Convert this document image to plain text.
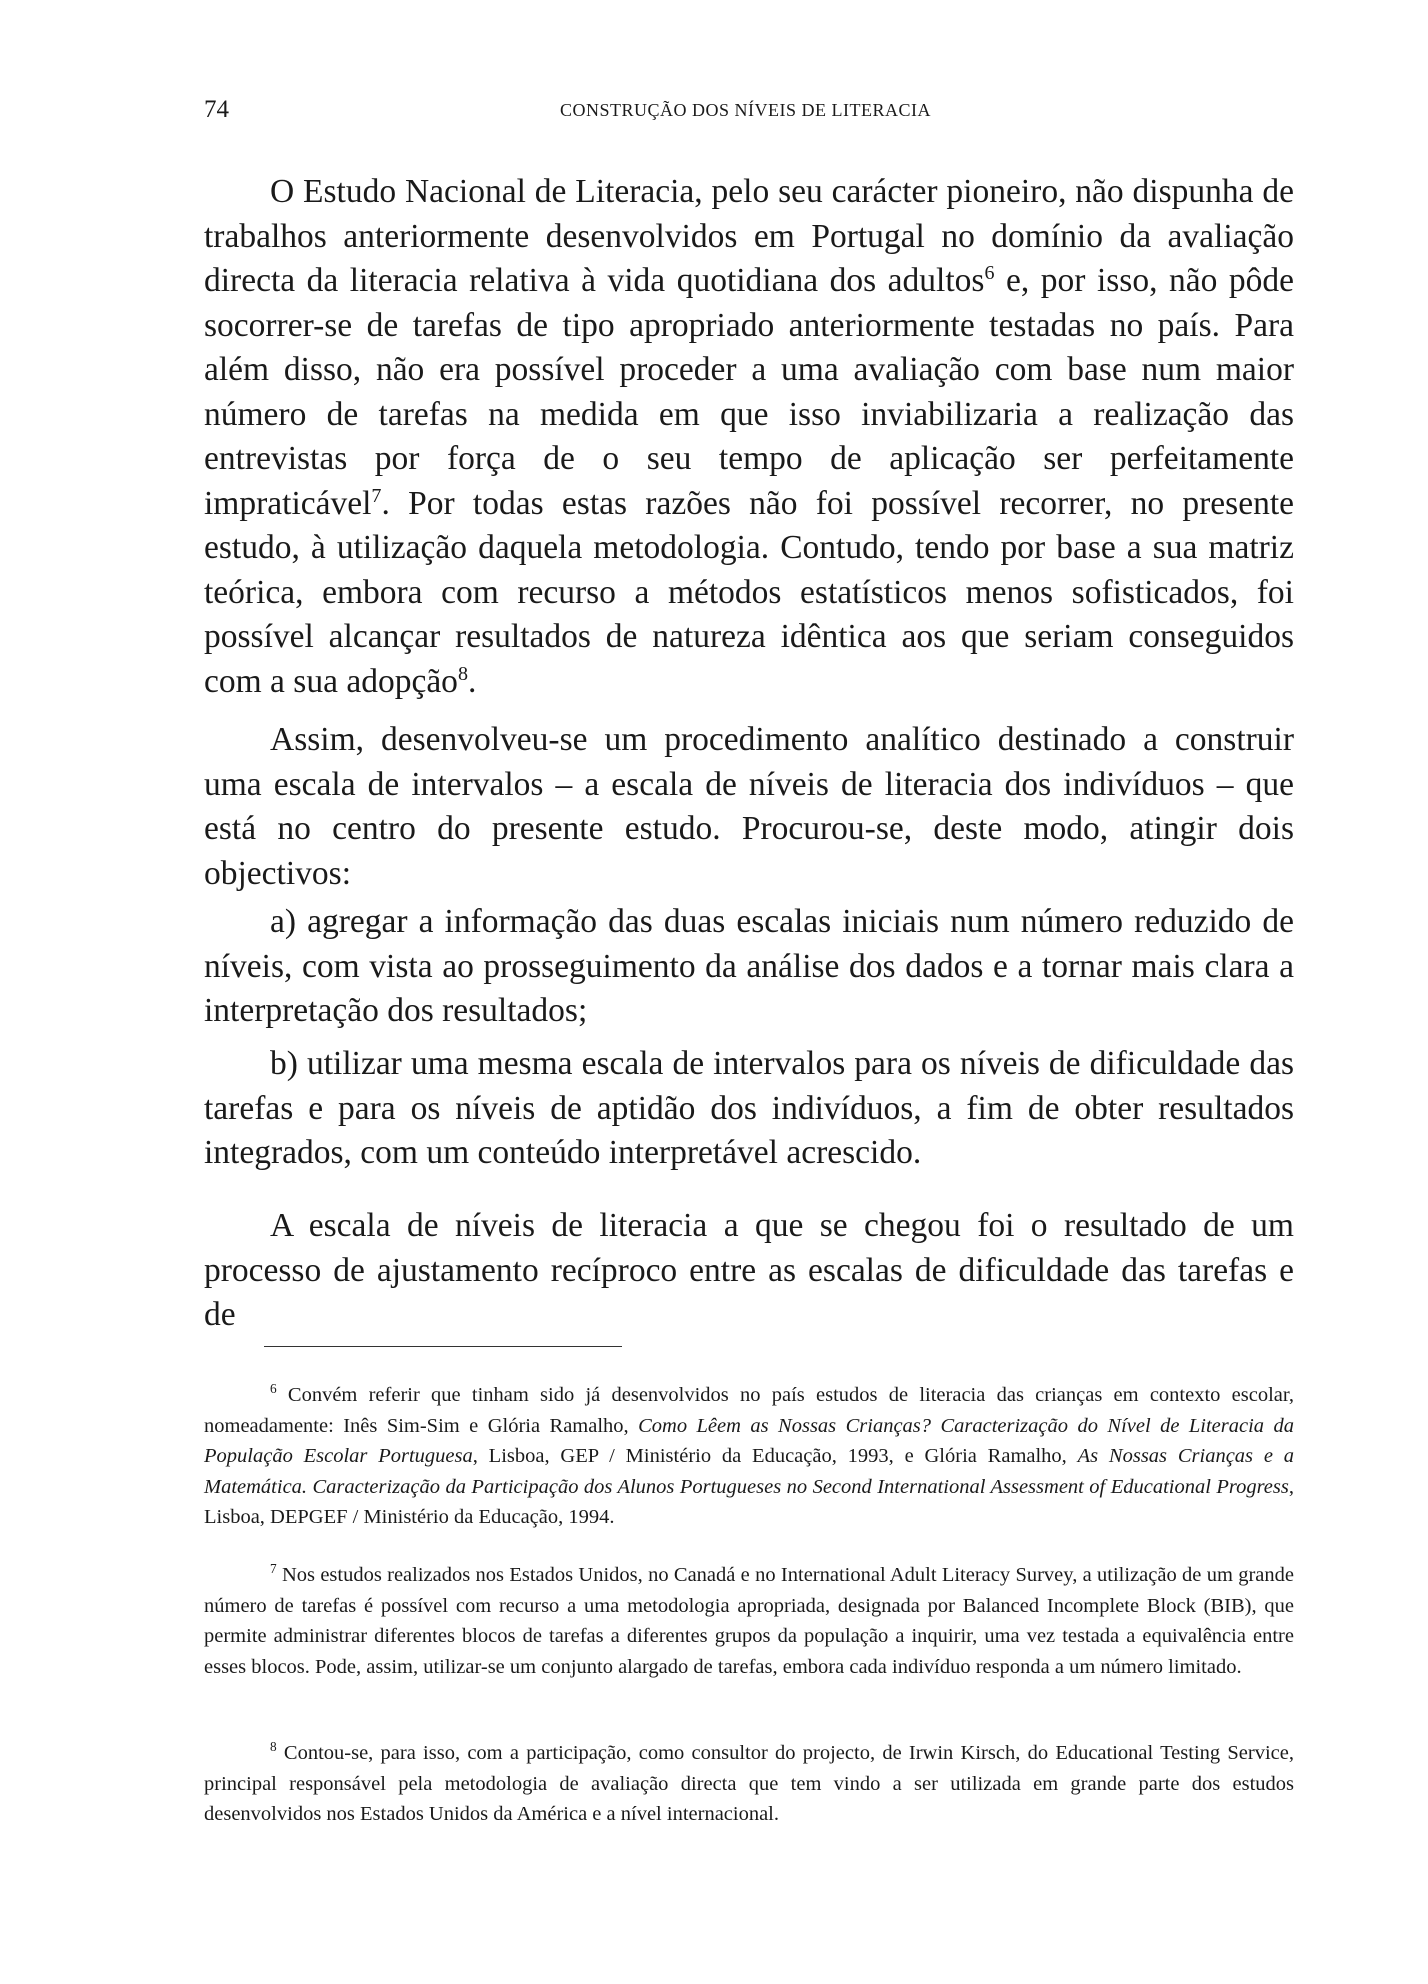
74	CONSTRUÇÃO DOS NÍVEIS DE LITERACIA

O Estudo Nacional de Literacia, pelo seu carácter pioneiro, não dispunha de trabalhos anteriormente desenvolvidos em Portugal no domínio da avaliação directa da literacia relativa à vida quotidiana dos adultos$^6$ e, por isso, não pôde socorrer-se de tarefas de tipo apropriado anteriormente testadas no país. Para além disso, não era possível proceder a uma avaliação com base num maior número de tarefas na medida em que isso inviabilizaria a realização das entrevistas por força de o seu tempo de aplicação ser perfeitamente impraticável$^7$. Por todas estas razões não foi possível recorrer, no presente estudo, à utilização daquela metodologia. Contudo, tendo por base a sua matriz teórica, embora com recurso a métodos estatísticos menos sofisticados, foi possível alcançar resultados de natureza idêntica aos que seriam conseguidos com a sua adopção$^8$.

Assim, desenvolveu-se um procedimento analítico destinado a construir uma escala de intervalos – a escala de níveis de literacia dos indivíduos – que está no centro do presente estudo. Procurou-se, deste modo, atingir dois objectivos:

a) agregar a informação das duas escalas iniciais num número reduzido de níveis, com vista ao prosseguimento da análise dos dados e a tornar mais clara a interpretação dos resultados;

b) utilizar uma mesma escala de intervalos para os níveis de dificuldade das tarefas e para os níveis de aptidão dos indivíduos, a fim de obter resultados integrados, com um conteúdo interpretável acrescido.

A escala de níveis de literacia a que se chegou foi o resultado de um processo de ajustamento recíproco entre as escalas de dificuldade das tarefas e de

$^6$ Convém referir que tinham sido já desenvolvidos no país estudos de literacia das crianças em contexto escolar, nomeadamente: Inês Sim-Sim e Glória Ramalho, Como Lêem as Nossas Crianças? Caracterização do Nível de Literacia da População Escolar Portuguesa, Lisboa, GEP / Ministério da Educação, 1993, e Glória Ramalho, As Nossas Crianças e a Matemática. Caracterização da Participação dos Alunos Portugueses no Second International Assessment of Educational Progress, Lisboa, DEPGEF / Ministério da Educação, 1994.

$^7$ Nos estudos realizados nos Estados Unidos, no Canadá e no International Adult Literacy Survey, a utilização de um grande número de tarefas é possível com recurso a uma metodologia apropriada, designada por Balanced Incomplete Block (BIB), que permite administrar diferentes blocos de tarefas a diferentes grupos da população a inquirir, uma vez testada a equivalência entre esses blocos. Pode, assim, utilizar-se um conjunto alargado de tarefas, embora cada indivíduo responda a um número limitado.

$^8$ Contou-se, para isso, com a participação, como consultor do projecto, de Irwin Kirsch, do Educational Testing Service, principal responsável pela metodologia de avaliação directa que tem vindo a ser utilizada em grande parte dos estudos desenvolvidos nos Estados Unidos da América e a nível internacional.
